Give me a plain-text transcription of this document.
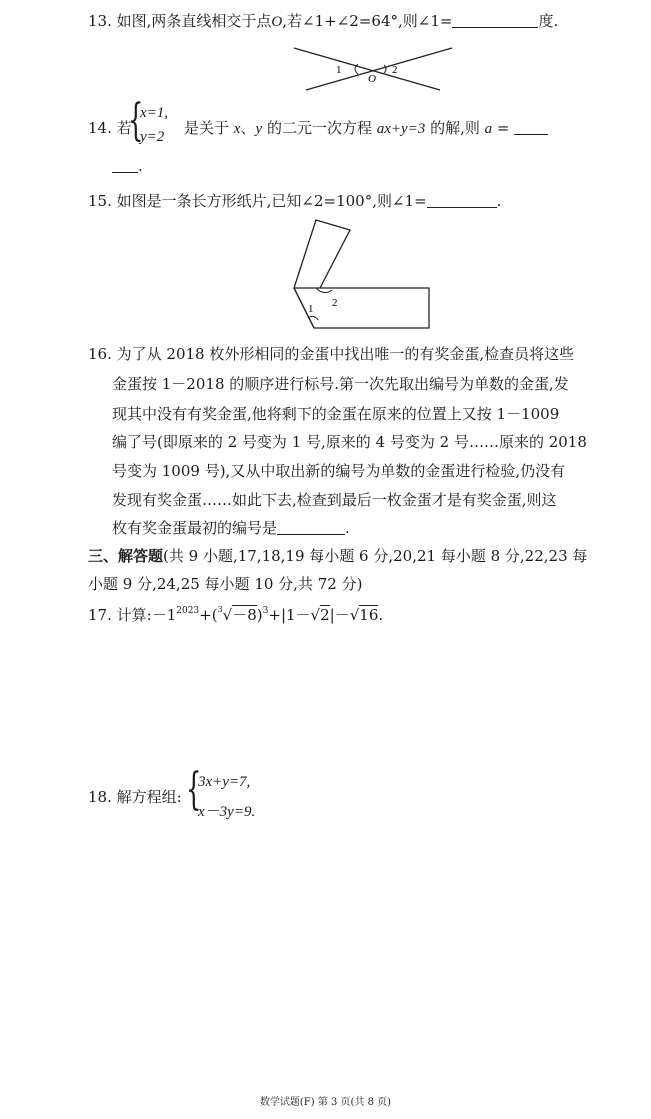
13. 如图,两条直线相交于点O,若∠1+∠2=64°,则∠1=	度.
1
O
2
14. 若
{
x=1,
y=2 是关于 x、y 的二元一次方程 ax+y=3 的解,则 a =
.
15. 如图是一条长方形纸片,已知∠2=100°,则∠1=	.
1 2
16. 为了从 2018 枚外形相同的金蛋中找出唯一的有奖金蛋,检查员将这些
金蛋按 1－2018 的顺序进行标号.第一次先取出编号为单数的金蛋,发
现其中没有有奖金蛋,他将剩下的金蛋在原来的位置上又按 1－1009
编了号(即原来的 2 号变为 1 号,原来的 4 号变为 2 号……原来的 2018
号变为 1009 号),又从中取出新的编号为单数的金蛋进行检验,仍没有
发现有奖金蛋……如此下去,检查到最后一枚金蛋才是有奖金蛋,则这
枚有奖金蛋最初的编号是	.
三、解答题(共 9 小题,17,18,19 每小题 6 分,20,21 每小题 8 分,22,23 每
小题 9 分,24,25 每小题 10 分,共 72 分)
17. 计算$:-1^{2023}+(^3√-8)^3+|1-√2|-√16$.
18. 解方程组: {
3x+y=7,
x－3y=9.
数学试题(F) 第 3 页(共 8 页)
